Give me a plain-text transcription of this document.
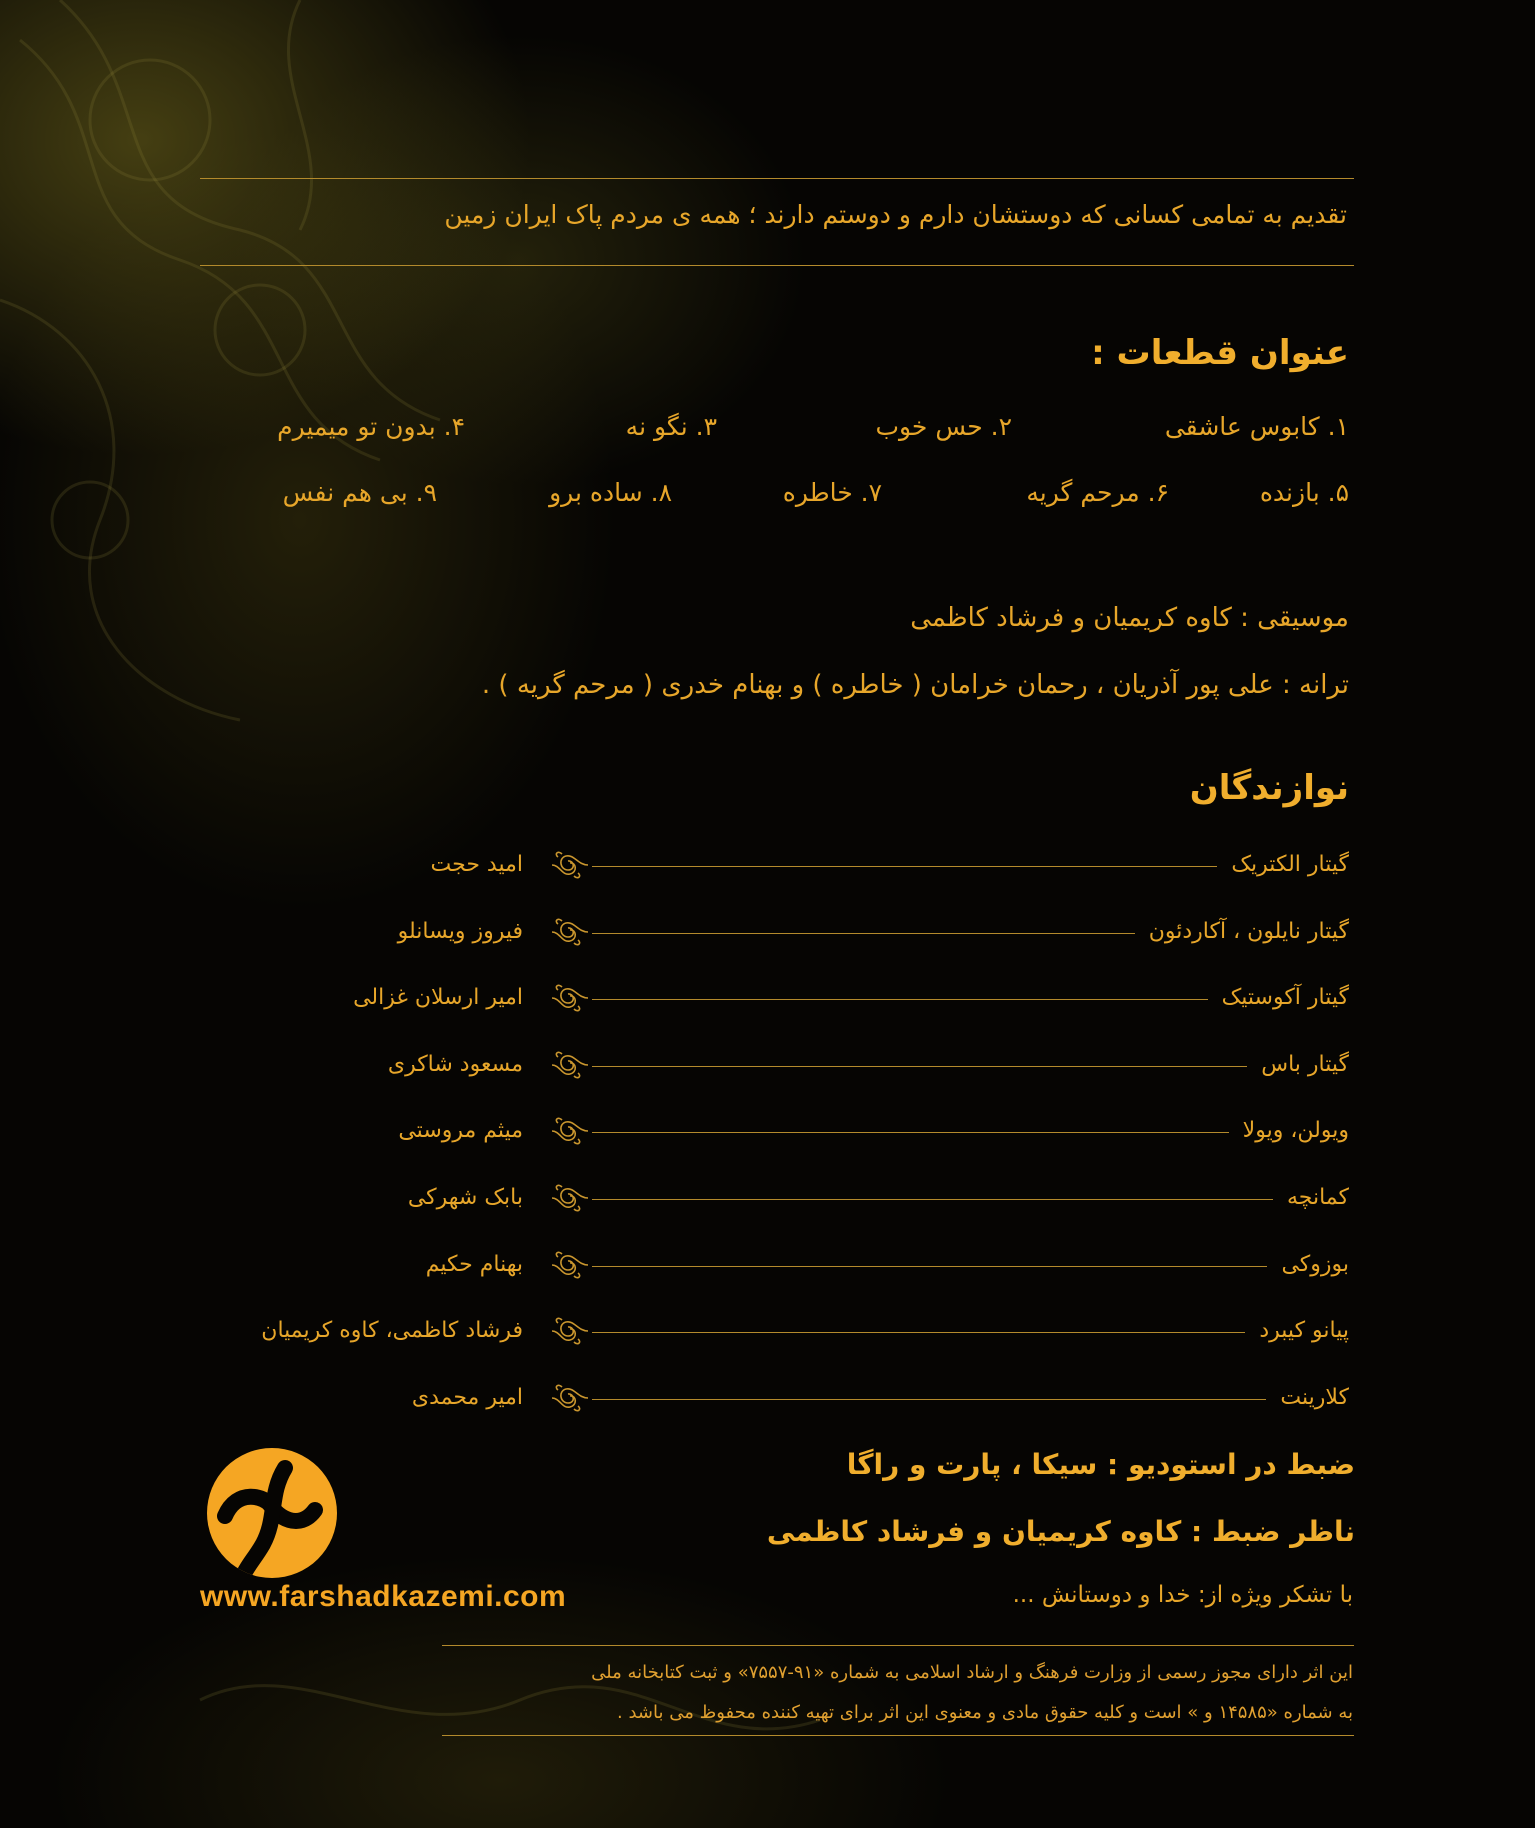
تقدیم به تمامی کسانی که دوستشان دارم و دوستم دارند ؛ همه ی مردم پاک ایران زمین
عنوان قطعات :
۱. کابوس عاشقی
۲. حس خوب
۳. نگو نه
۴. بدون تو میمیرم
۵. بازنده
۶. مرحم گریه
۷. خاطره
۸. ساده برو
۹. بی هم نفس
موسیقی : کاوه کریمیان و فرشاد کاظمی
ترانه : علی پور آذریان ، رحمان خرامان ( خاطره ) و بهنام خدری ( مرحم گریه ) .
نوازندگان
ضبط در استودیو : سیکا ، پارت و راگا
ناظر ضبط : کاوه کریمیان و فرشاد کاظمی
با تشکر ویژه از: خدا و دوستانش ...
www.farshadkazemi.com
این اثر دارای مجوز رسمی از وزارت فرهنگ و ارشاد اسلامی به شماره «۹۱-۷۵۵۷» و ثبت کتابخانه ملی
به شماره «۱۴۵۸۵ و » است و کلیه حقوق مادی و معنوی این اثر برای تهیه کننده محفوظ می باشد .
گیتار الکتریک
امید حجت
گیتار نایلون ، آکاردئون
فیروز ویسانلو
گیتار آکوستیک
امیر ارسلان غزالی
گیتار باس
مسعود شاکری
ویولن، ویولا
میثم مروستی
کمانچه
بابک شهرکی
بوزوکی
بهنام حکیم
پیانو کیبرد
فرشاد کاظمی، کاوه کریمیان
کلارینت
امیر محمدی
